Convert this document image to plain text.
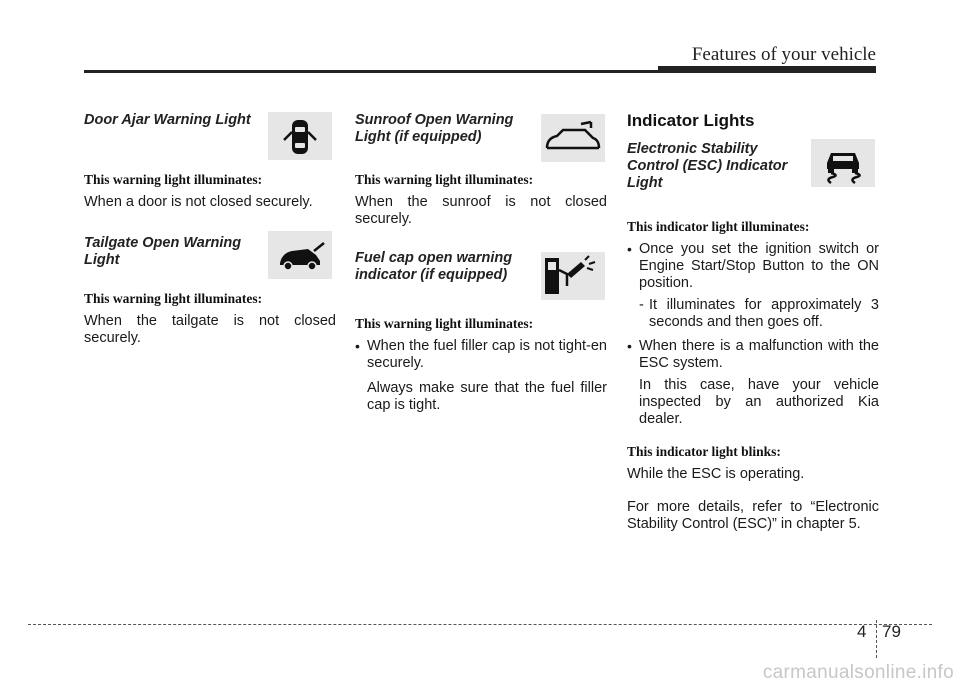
Features of your vehicle
Door Ajar Warning Light
This warning light illuminates:

When a door is not closed securely.

Tailgate Open Warning Light
This warning light illuminates:

When the tailgate is not closed securely.

Sunroof Open Warning Light (if equipped)
This warning light illuminates:

When the sunroof is not closed securely.

Fuel cap open warning indicator (if equipped)
This warning light illuminates:

• When the fuel filler cap is not tight-en securely.

Always make sure that the fuel filler cap is tight.

Indicator Lights
Electronic Stability Control (ESC) Indicator Light
This indicator light illuminates:

• Once you set the ignition switch or Engine Start/Stop Button to the ON position.

- It illuminates for approximately 3 seconds and then goes off.

• When there is a malfunction with the ESC system.

In this case, have your vehicle inspected by an authorized Kia dealer.

This indicator light blinks:

While the ESC is operating.

For more details, refer to “Electronic Stability Control (ESC)” in chapter 5.

4 79
carmanualsonline.info
